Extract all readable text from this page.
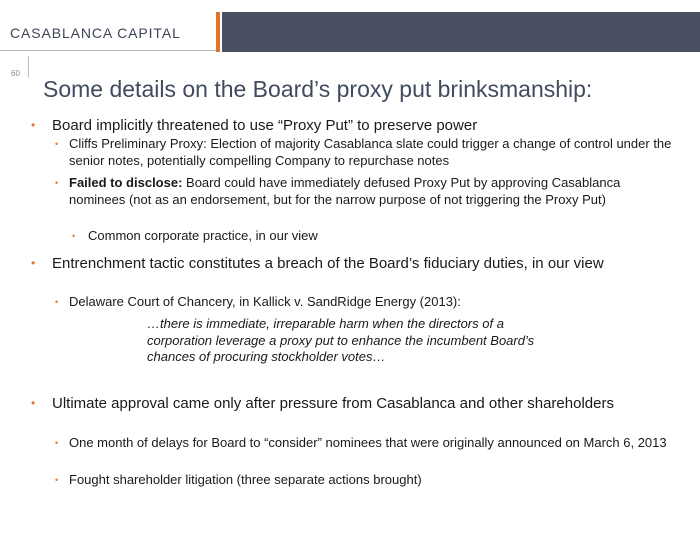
CASABLANCA CAPITAL
60
Some details on the Board’s proxy put brinksmanship:
• Board implicitly threatened to use “Proxy Put” to preserve power
• Cliffs Preliminary Proxy: Election of majority Casablanca slate could trigger a change of control under the senior notes, potentially compelling Company to repurchase notes
• Failed to disclose: Board could have immediately defused Proxy Put by approving Casablanca nominees (not as an endorsement, but for the narrow purpose of not triggering the Proxy Put)
• Common corporate practice, in our view
• Entrenchment tactic constitutes a breach of the Board’s fiduciary duties, in our view
• Delaware Court of Chancery, in Kallick v. SandRidge Energy (2013):
…there is immediate, irreparable harm when the directors of a corporation leverage a proxy put to enhance the incumbent Board’s chances of procuring stockholder votes…
• Ultimate approval came only after pressure from Casablanca and other shareholders
• One month of delays for Board to “consider” nominees that were originally announced on March 6, 2013
• Fought shareholder litigation (three separate actions brought)
